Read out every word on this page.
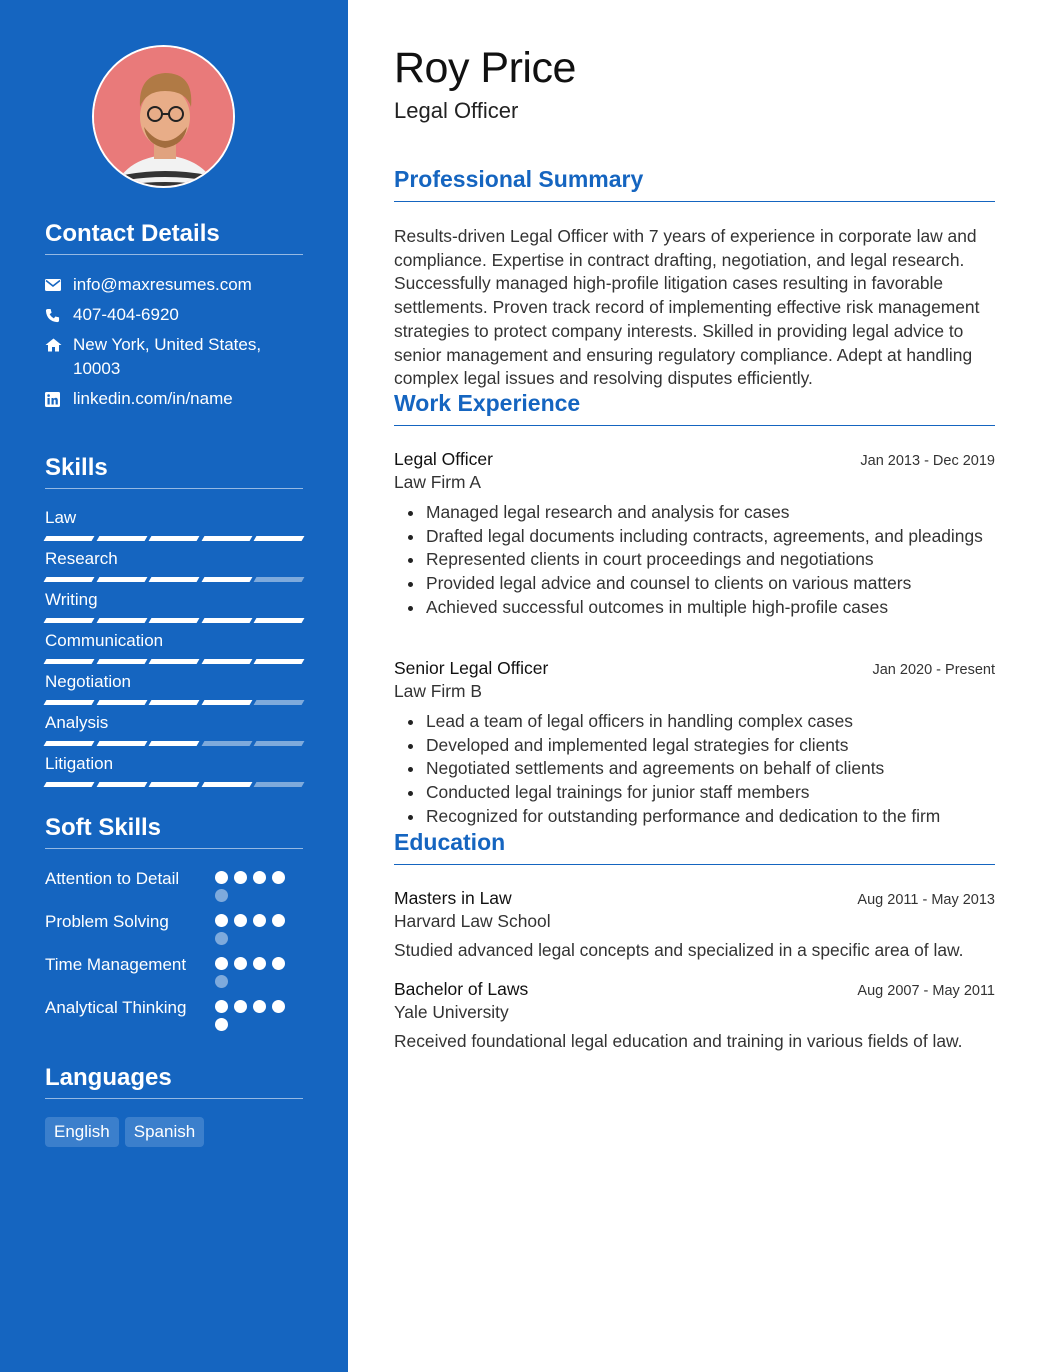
Contact Details
info@maxresumes.com
407-404-6920
New York, United States, 10003
linkedin.com/in/name
Skills
Law
Research
Writing
Communication
Negotiation
Analysis
Litigation
Soft Skills
Attention to Detail
Problem Solving
Time Management
Analytical Thinking
Languages
English	Spanish
Roy Price
Legal Officer
Professional Summary
Results-driven Legal Officer with 7 years of experience in corporate law and compliance. Expertise in contract drafting, negotiation, and legal research. Successfully managed high-profile litigation cases resulting in favorable settlements. Proven track record of implementing effective risk management strategies to protect company interests. Skilled in providing legal advice to senior management and ensuring regulatory compliance. Adept at handling complex legal issues and resolving disputes efficiently.
Work Experience
Legal Officer	Jan 2013 - Dec 2019
Law Firm A
Managed legal research and analysis for cases
Drafted legal documents including contracts, agreements, and pleadings
Represented clients in court proceedings and negotiations
Provided legal advice and counsel to clients on various matters
Achieved successful outcomes in multiple high-profile cases
Senior Legal Officer	Jan 2020 - Present
Law Firm B
Lead a team of legal officers in handling complex cases
Developed and implemented legal strategies for clients
Negotiated settlements and agreements on behalf of clients
Conducted legal trainings for junior staff members
Recognized for outstanding performance and dedication to the firm
Education
Masters in Law	Aug 2011 - May 2013
Harvard Law School
Studied advanced legal concepts and specialized in a specific area of law.
Bachelor of Laws	Aug 2007 - May 2011
Yale University
Received foundational legal education and training in various fields of law.
